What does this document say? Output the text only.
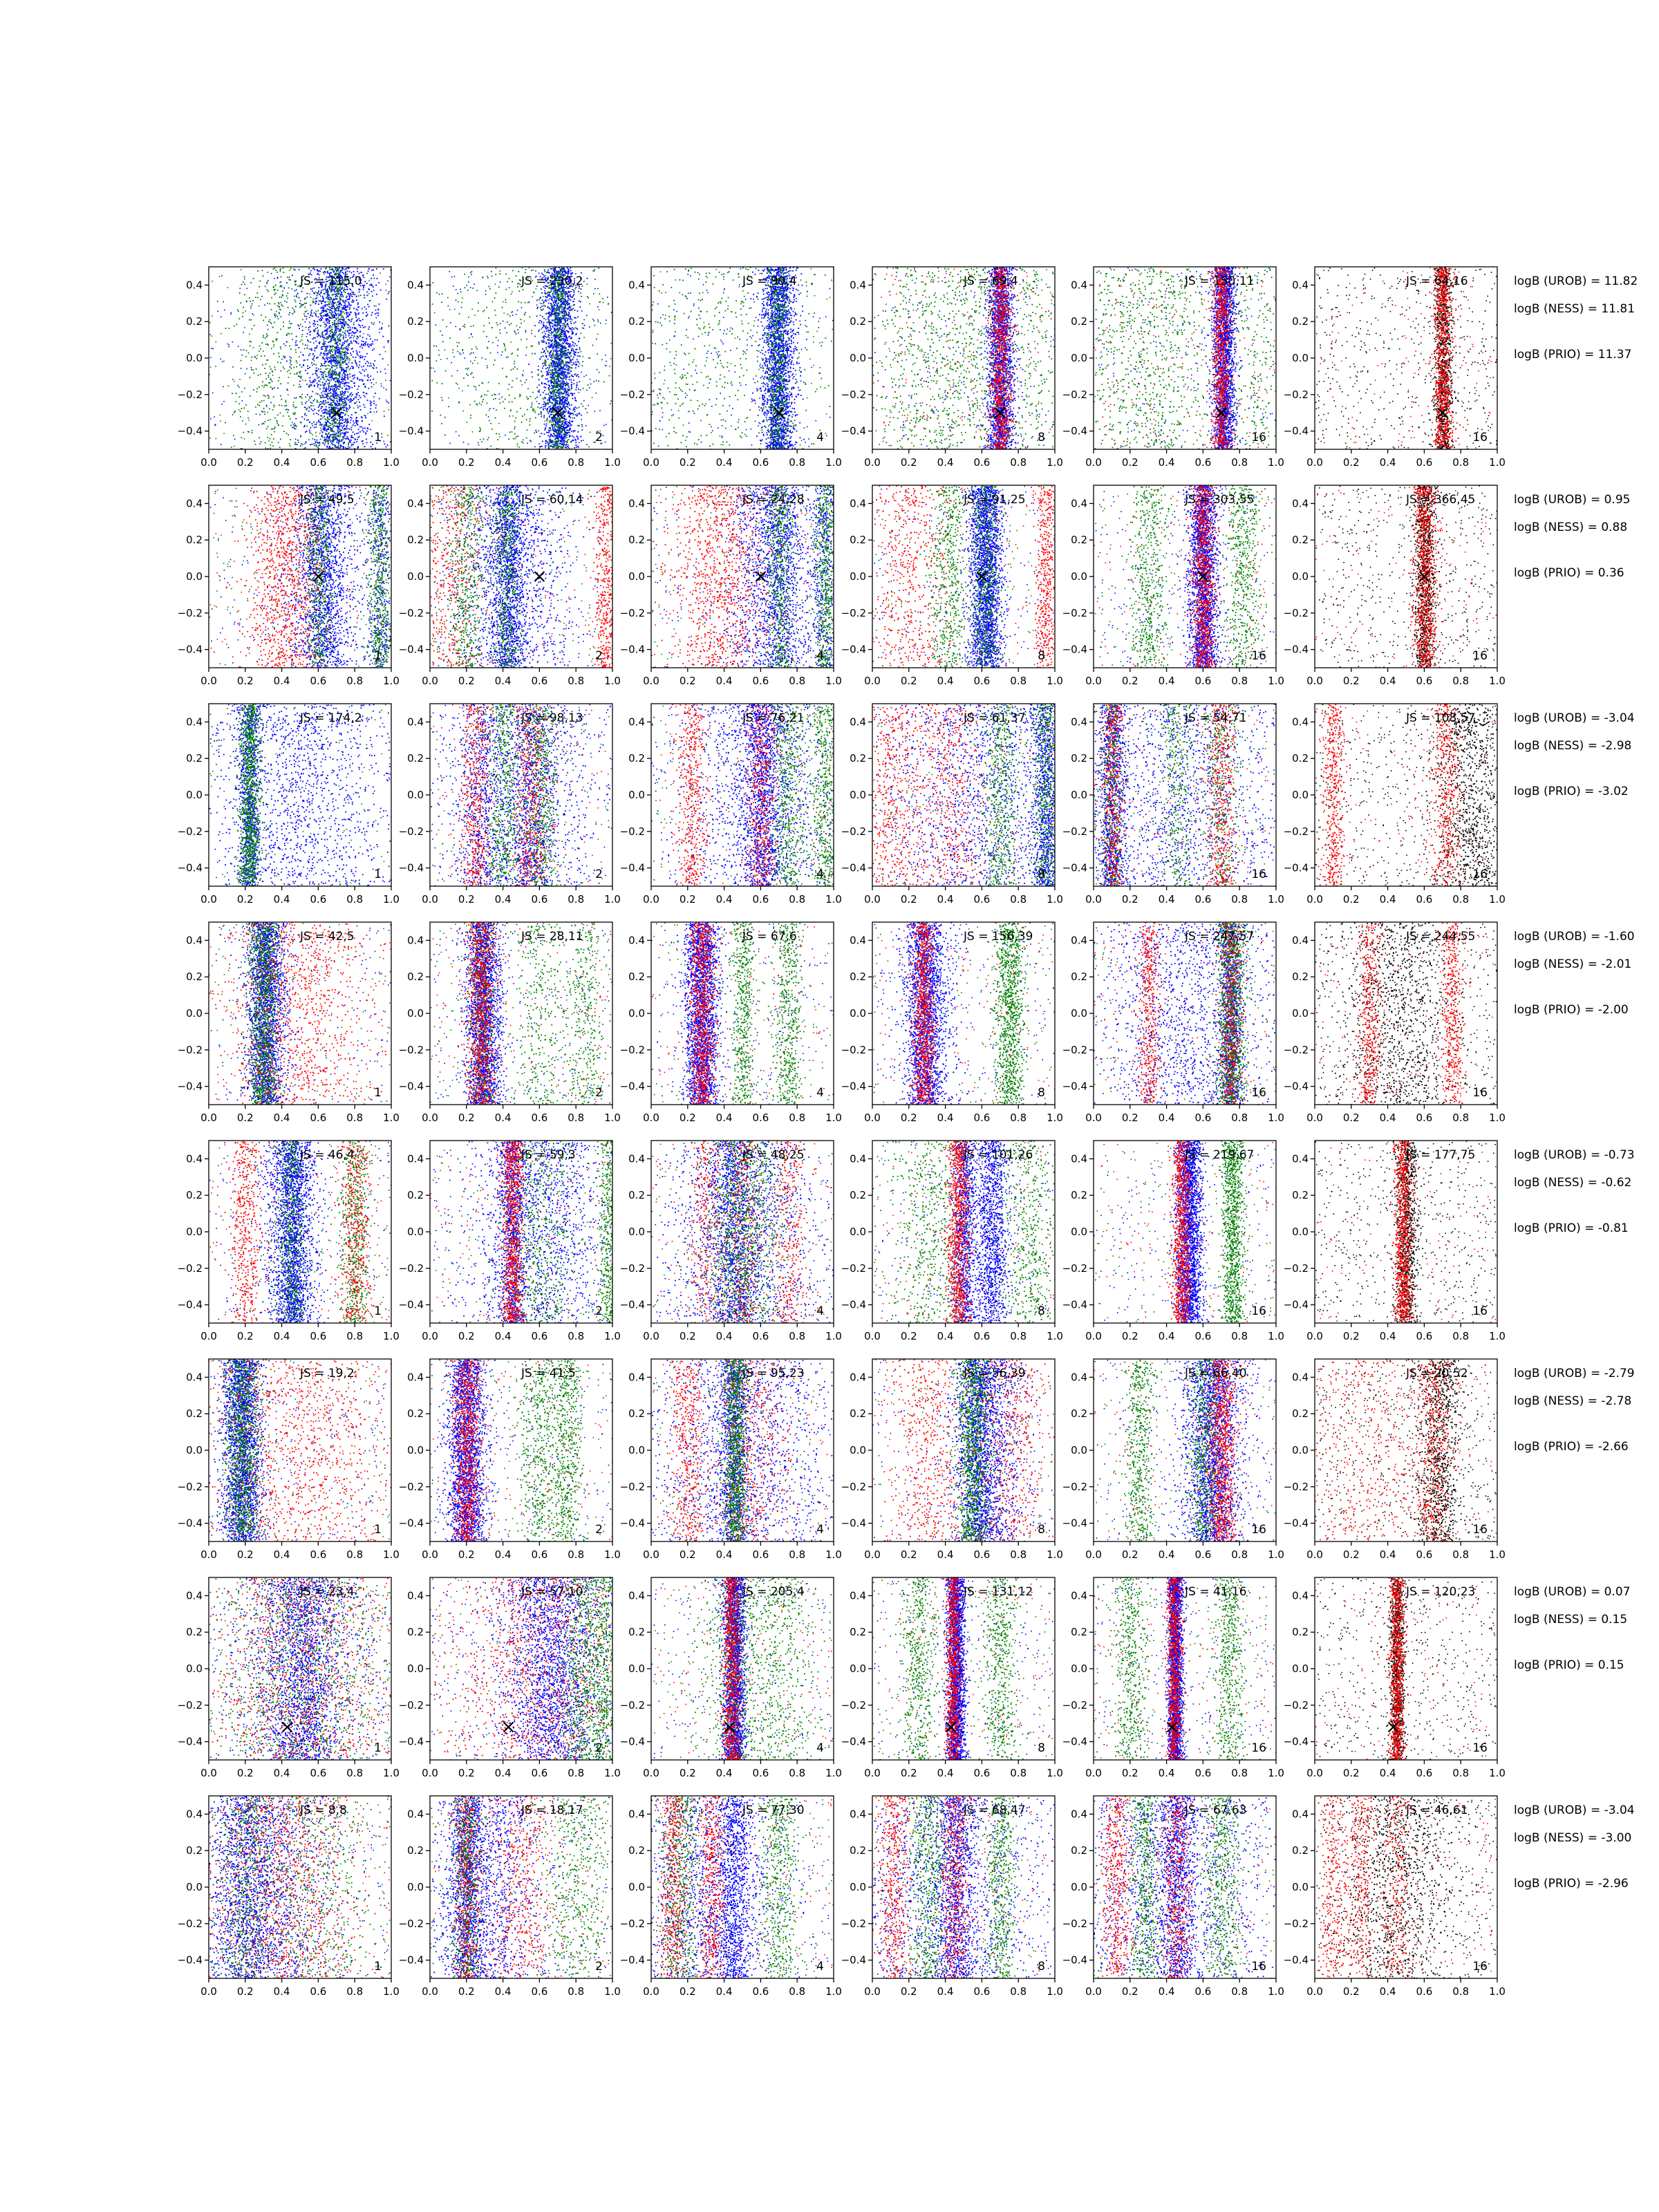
0.0 0.2 0.4 0.6 0.8 1.0
−0.4
−0.2
0.0
0.2
0.4	JS = 115,0
1
0.0 0.2 0.4 0.6 0.8 1.0
−0.4
−0.2
0.0
0.2
0.4	JS = 230,2
2
0.0 0.2 0.4 0.6 0.8 1.0
−0.4
−0.2
0.0
0.2
0.4	JS = 99,4
4
0.0 0.2 0.4 0.6 0.8 1.0
−0.4
−0.2
0.0
0.2
0.4	JS = 69,4
8
0.0 0.2 0.4 0.6 0.8 1.0
−0.4
−0.2
0.0
0.2
0.4	JS = 150,11
16
0.0 0.2 0.4 0.6 0.8 1.0
−0.4
−0.2
0.0
0.2
0.4	JS = 64,16
16
0.0 0.2 0.4 0.6 0.8 1.0
−0.4
−0.2
0.0
0.2
0.4	JS = 49,5
1
0.0 0.2 0.4 0.6 0.8 1.0
−0.4
−0.2
0.0
0.2
0.4	JS = 60,14
2
0.0 0.2 0.4 0.6 0.8 1.0
−0.4
−0.2
0.0
0.2
0.4	JS = 24,28
4
0.0 0.2 0.4 0.6 0.8 1.0
−0.4
−0.2
0.0
0.2
0.4	JS = 91,25
8
0.0 0.2 0.4 0.6 0.8 1.0
−0.4
−0.2
0.0
0.2
0.4	JS = 303,55
16
0.0 0.2 0.4 0.6 0.8 1.0
−0.4
−0.2
0.0
0.2
0.4	JS = 366,45
16
0.0 0.2 0.4 0.6 0.8 1.0
−0.4
−0.2
0.0
0.2
0.4	JS = 174,2
1
0.0 0.2 0.4 0.6 0.8 1.0
−0.4
−0.2
0.0
0.2
0.4	JS = 98,13
2
0.0 0.2 0.4 0.6 0.8 1.0
−0.4
−0.2
0.0
0.2
0.4	JS = 76,21
4
0.0 0.2 0.4 0.6 0.8 1.0
−0.4
−0.2
0.0
0.2
0.4	JS = 61,37
8
0.0 0.2 0.4 0.6 0.8 1.0
−0.4
−0.2
0.0
0.2
0.4	JS = 54,71
16
0.0 0.2 0.4 0.6 0.8 1.0
−0.4
−0.2
0.0
0.2
0.4	JS = 108,57
16
0.0 0.2 0.4 0.6 0.8 1.0
−0.4
−0.2
0.0
0.2
0.4	JS = 42,5
1
0.0 0.2 0.4 0.6 0.8 1.0
−0.4
−0.2
0.0
0.2
0.4	JS = 28,11
2
0.0 0.2 0.4 0.6 0.8 1.0
−0.4
−0.2
0.0
0.2
0.4	JS = 67,6
4
0.0 0.2 0.4 0.6 0.8 1.0
−0.4
−0.2
0.0
0.2
0.4	JS = 156,39
8
0.0 0.2 0.4 0.6 0.8 1.0
−0.4
−0.2
0.0
0.2
0.4	JS = 247,57
16
0.0 0.2 0.4 0.6 0.8 1.0
−0.4
−0.2
0.0
0.2
0.4	JS = 244,55
16
0.0 0.2 0.4 0.6 0.8 1.0
−0.4
−0.2
0.0
0.2
0.4	JS = 46,4
1
0.0 0.2 0.4 0.6 0.8 1.0
−0.4
−0.2
0.0
0.2
0.4	JS = 59,3
2
0.0 0.2 0.4 0.6 0.8 1.0
−0.4
−0.2
0.0
0.2
0.4	JS = 48,25
4
0.0 0.2 0.4 0.6 0.8 1.0
−0.4
−0.2
0.0
0.2
0.4	JS = 101,26
8
0.0 0.2 0.4 0.6 0.8 1.0
−0.4
−0.2
0.0
0.2
0.4	JS = 219,67
16
0.0 0.2 0.4 0.6 0.8 1.0
−0.4
−0.2
0.0
0.2
0.4	JS = 177,75
16
0.0 0.2 0.4 0.6 0.8 1.0
−0.4
−0.2
0.0
0.2
0.4	JS = 19,2
1
0.0 0.2 0.4 0.6 0.8 1.0
−0.4
−0.2
0.0
0.2
0.4	JS = 41,5
2
0.0 0.2 0.4 0.6 0.8 1.0
−0.4
−0.2
0.0
0.2
0.4	JS = 95,23
4
0.0 0.2 0.4 0.6 0.8 1.0
−0.4
−0.2
0.0
0.2
0.4	JS = 56,39
8
0.0 0.2 0.4 0.6 0.8 1.0
−0.4
−0.2
0.0
0.2
0.4	JS = 66,40
16
0.0 0.2 0.4 0.6 0.8 1.0
−0.4
−0.2
0.0
0.2
0.4	JS = 20,52
16
0.0 0.2 0.4 0.6 0.8 1.0
−0.4
−0.2
0.0
0.2
0.4	JS = 23,4
1
0.0 0.2 0.4 0.6 0.8 1.0
−0.4
−0.2
0.0
0.2
0.4	JS = 57,10
2
0.0 0.2 0.4 0.6 0.8 1.0
−0.4
−0.2
0.0
0.2
0.4	JS = 205,4
4
0.0 0.2 0.4 0.6 0.8 1.0
−0.4
−0.2
0.0
0.2
0.4	JS = 131,12
8
0.0 0.2 0.4 0.6 0.8 1.0
−0.4
−0.2
0.0
0.2
0.4	JS = 41,16
16
0.0 0.2 0.4 0.6 0.8 1.0
−0.4
−0.2
0.0
0.2
0.4	JS = 120,23
16
0.0 0.2 0.4 0.6 0.8 1.0
−0.4
−0.2
0.0
0.2
0.4	JS = 8,8
1
0.0 0.2 0.4 0.6 0.8 1.0
−0.4
−0.2
0.0
0.2
0.4	JS = 18,17
2
0.0 0.2 0.4 0.6 0.8 1.0
−0.4
−0.2
0.0
0.2
0.4	JS = 77,30
4
0.0 0.2 0.4 0.6 0.8 1.0
−0.4
−0.2
0.0
0.2
0.4	JS = 68,47
8
0.0 0.2 0.4 0.6 0.8 1.0
−0.4
−0.2
0.0
0.2
0.4	JS = 67,63
16
0.0 0.2 0.4 0.6 0.8 1.0
−0.4
−0.2
0.0
0.2
0.4	JS = 46,61
16
logB (UROB) = 11.82
logB (NESS) = 11.81
logB (PRIO) = 11.37
logB (UROB) = 0.95
logB (NESS) = 0.88
logB (PRIO) = 0.36
logB (UROB) = -3.04
logB (NESS) = -2.98
logB (PRIO) = -3.02
logB (UROB) = -1.60
logB (NESS) = -2.01
logB (PRIO) = -2.00
logB (UROB) = -0.73
logB (NESS) = -0.62
logB (PRIO) = -0.81
logB (UROB) = -2.79
logB (NESS) = -2.78
logB (PRIO) = -2.66
logB (UROB) = 0.07
logB (NESS) = 0.15
logB (PRIO) = 0.15
logB (UROB) = -3.04
logB (NESS) = -3.00
logB (PRIO) = -2.96
